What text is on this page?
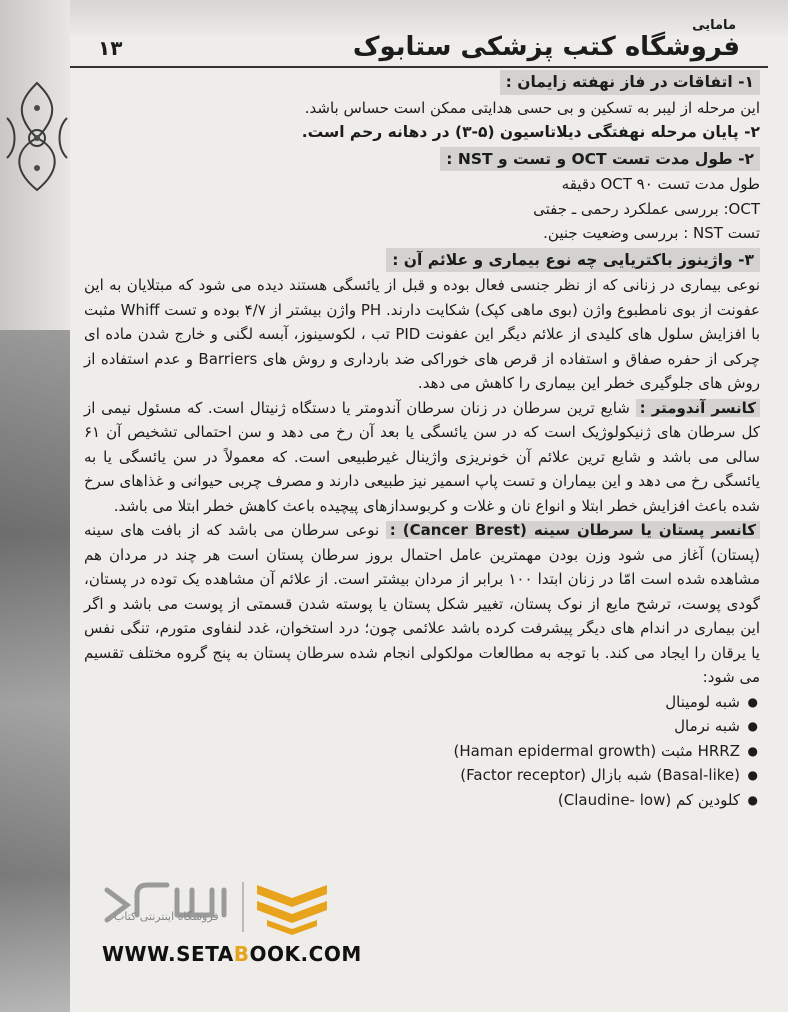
مامایی
فروشگاه کتب پزشکی ستابوک
۱۳
۱- اتفاقات در فاز نهفته زایمان :

این مرحله از لیبر به تسکین و بی حسی هدایتی ممکن است حساس باشد.

۲- پایان مرحله نهفتگی دیلاتاسیون (۵-۳) در دهانه رحم است.
۲- طول مدت تست OCT و تست و NST :

طول مدت تست OCT ۹۰ دقیقه

OCT: بررسی عملکرد رحمی ـ جفتی

تست NST : بررسی وضعیت جنین.

۳- واژینوز باکتریایی چه نوع بیماری و علائم آن :

نوعی بیماری در زنانی که از نظر جنسی فعال بوده و قبل از یائسگی هستند دیده می شود که مبتلایان به این عفونت از بوی نامطبوع واژن (بوی ماهی کپک) شکایت دارند. PH واژن بیشتر از ۴/۷ بوده و تست Whiff مثبت با افزایش سلول های کلیدی از علائم دیگر این عفونت PID تب ، لکوسینوز، آبسه لگنی و خارج شدن ماده ای چرکی از حفره صفاق و استفاده از قرص های خوراکی ضد بارداری و روش های Barriers و عدم استفاده از روش های جلوگیری خطر این بیماری را کاهش می دهد.

کانسر آندومتر : شایع ترین سرطان در زنان سرطان آندومتر یا دستگاه ژنیتال است. که مسئول نیمی از کل سرطان های ژنیکولوژیک است که در سن یائسگی یا بعد آن رخ می دهد و سن احتمالی تشخیص آن ۶۱ سالی می باشد و شایع ترین علائم آن خونریزی واژینال غیرطبیعی است. که معمولاً در سن یائسگی یا به یائسگی رخ می دهد و این بیماران و تست پاپ اسمیر نیز طبیعی دارند و مصرف چربی حیوانی و غذاهای سرخ شده باعث افزایش خطر ابتلا و انواع نان و غلات و کربوسدازهای پیچیده باعث کاهش خطر ابتلا می باشد.

کانسر پستان یا سرطان سینه (Cancer Brest) : نوعی سرطان می باشد که از بافت های سینه (پستان) آغاز می شود وزن بودن مهمترین عامل احتمال بروز سرطان پستان است هر چند در مردان هم مشاهده شده است امّا در زنان ابتدا ۱۰۰ برابر از مردان بیشتر است. از علائم آن مشاهده یک توده در پستان، گودی پوست، ترشح مایع از نوک پستان، تغییر شکل پستان یا پوسته شدن قسمتی از پوست می باشد و اگر این بیماری در اندام های دیگر پیشرفت کرده باشد علائمی چون؛ درد استخوان، غدد لنفاوی متورم، تنگی نفس یا یرقان را ایجاد می کند. با توجه به مطالعات مولکولی انجام شده سرطان پستان به پنج گروه مختلف تقسیم می شود:

● شبه لومینال
● شبه نرمال
● HRRZ مثبت (Haman epidermal growth)
● (Basal-like) شبه بازال (Factor receptor)
● کلودین کم (Claudine- low)
فروشگاه اینترنتی کتاب
WWW.SETABOOK.COM
